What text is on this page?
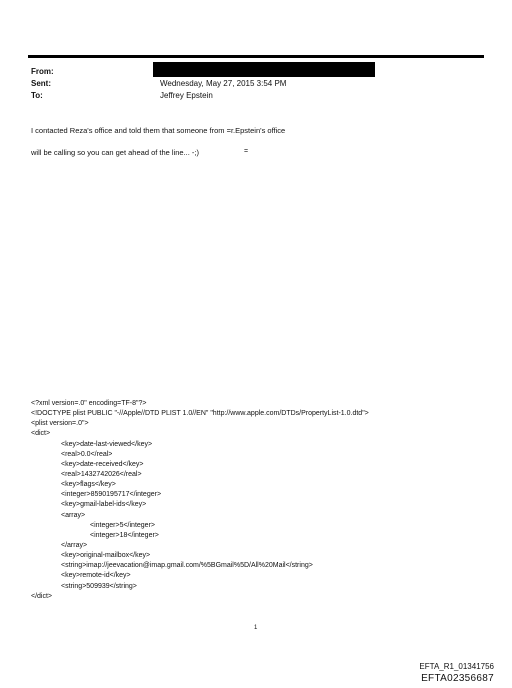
From:
Sent:
To:
Wednesday, May 27, 2015 3:54 PM
Jeffrey Epstein
I contacted Reza's office and told them that someone from =r.Epstein's office
will be calling so you can get ahead of the line... -;)	=
<?xml version=.0" encoding=TF-8"?>
<!DOCTYPE plist PUBLIC "-//Apple//DTD PLIST 1.0//EN" "http://www.apple.com/DTDs/PropertyList-1.0.dtd">
<plist version=.0">
<dict>
<key>date-last-viewed</key>
<real>0.0</real>
<key>date-received</key>
<real>1432742026</real>
<key>flags</key>
<integer>8590195717</integer>
<key>gmail-label-ids</key>
<array>
<integer>5</integer>
<integer>18</integer>
</array>
<key>original-mailbox</key>
<string>imap://jeevacation@imap.gmail.com/%5BGmail%5D/All%20Mail</string>
<key>remote-id</key>
<string>509939</string>
</dict>
1
EFTA_R1_01341756
EFTA02356687
